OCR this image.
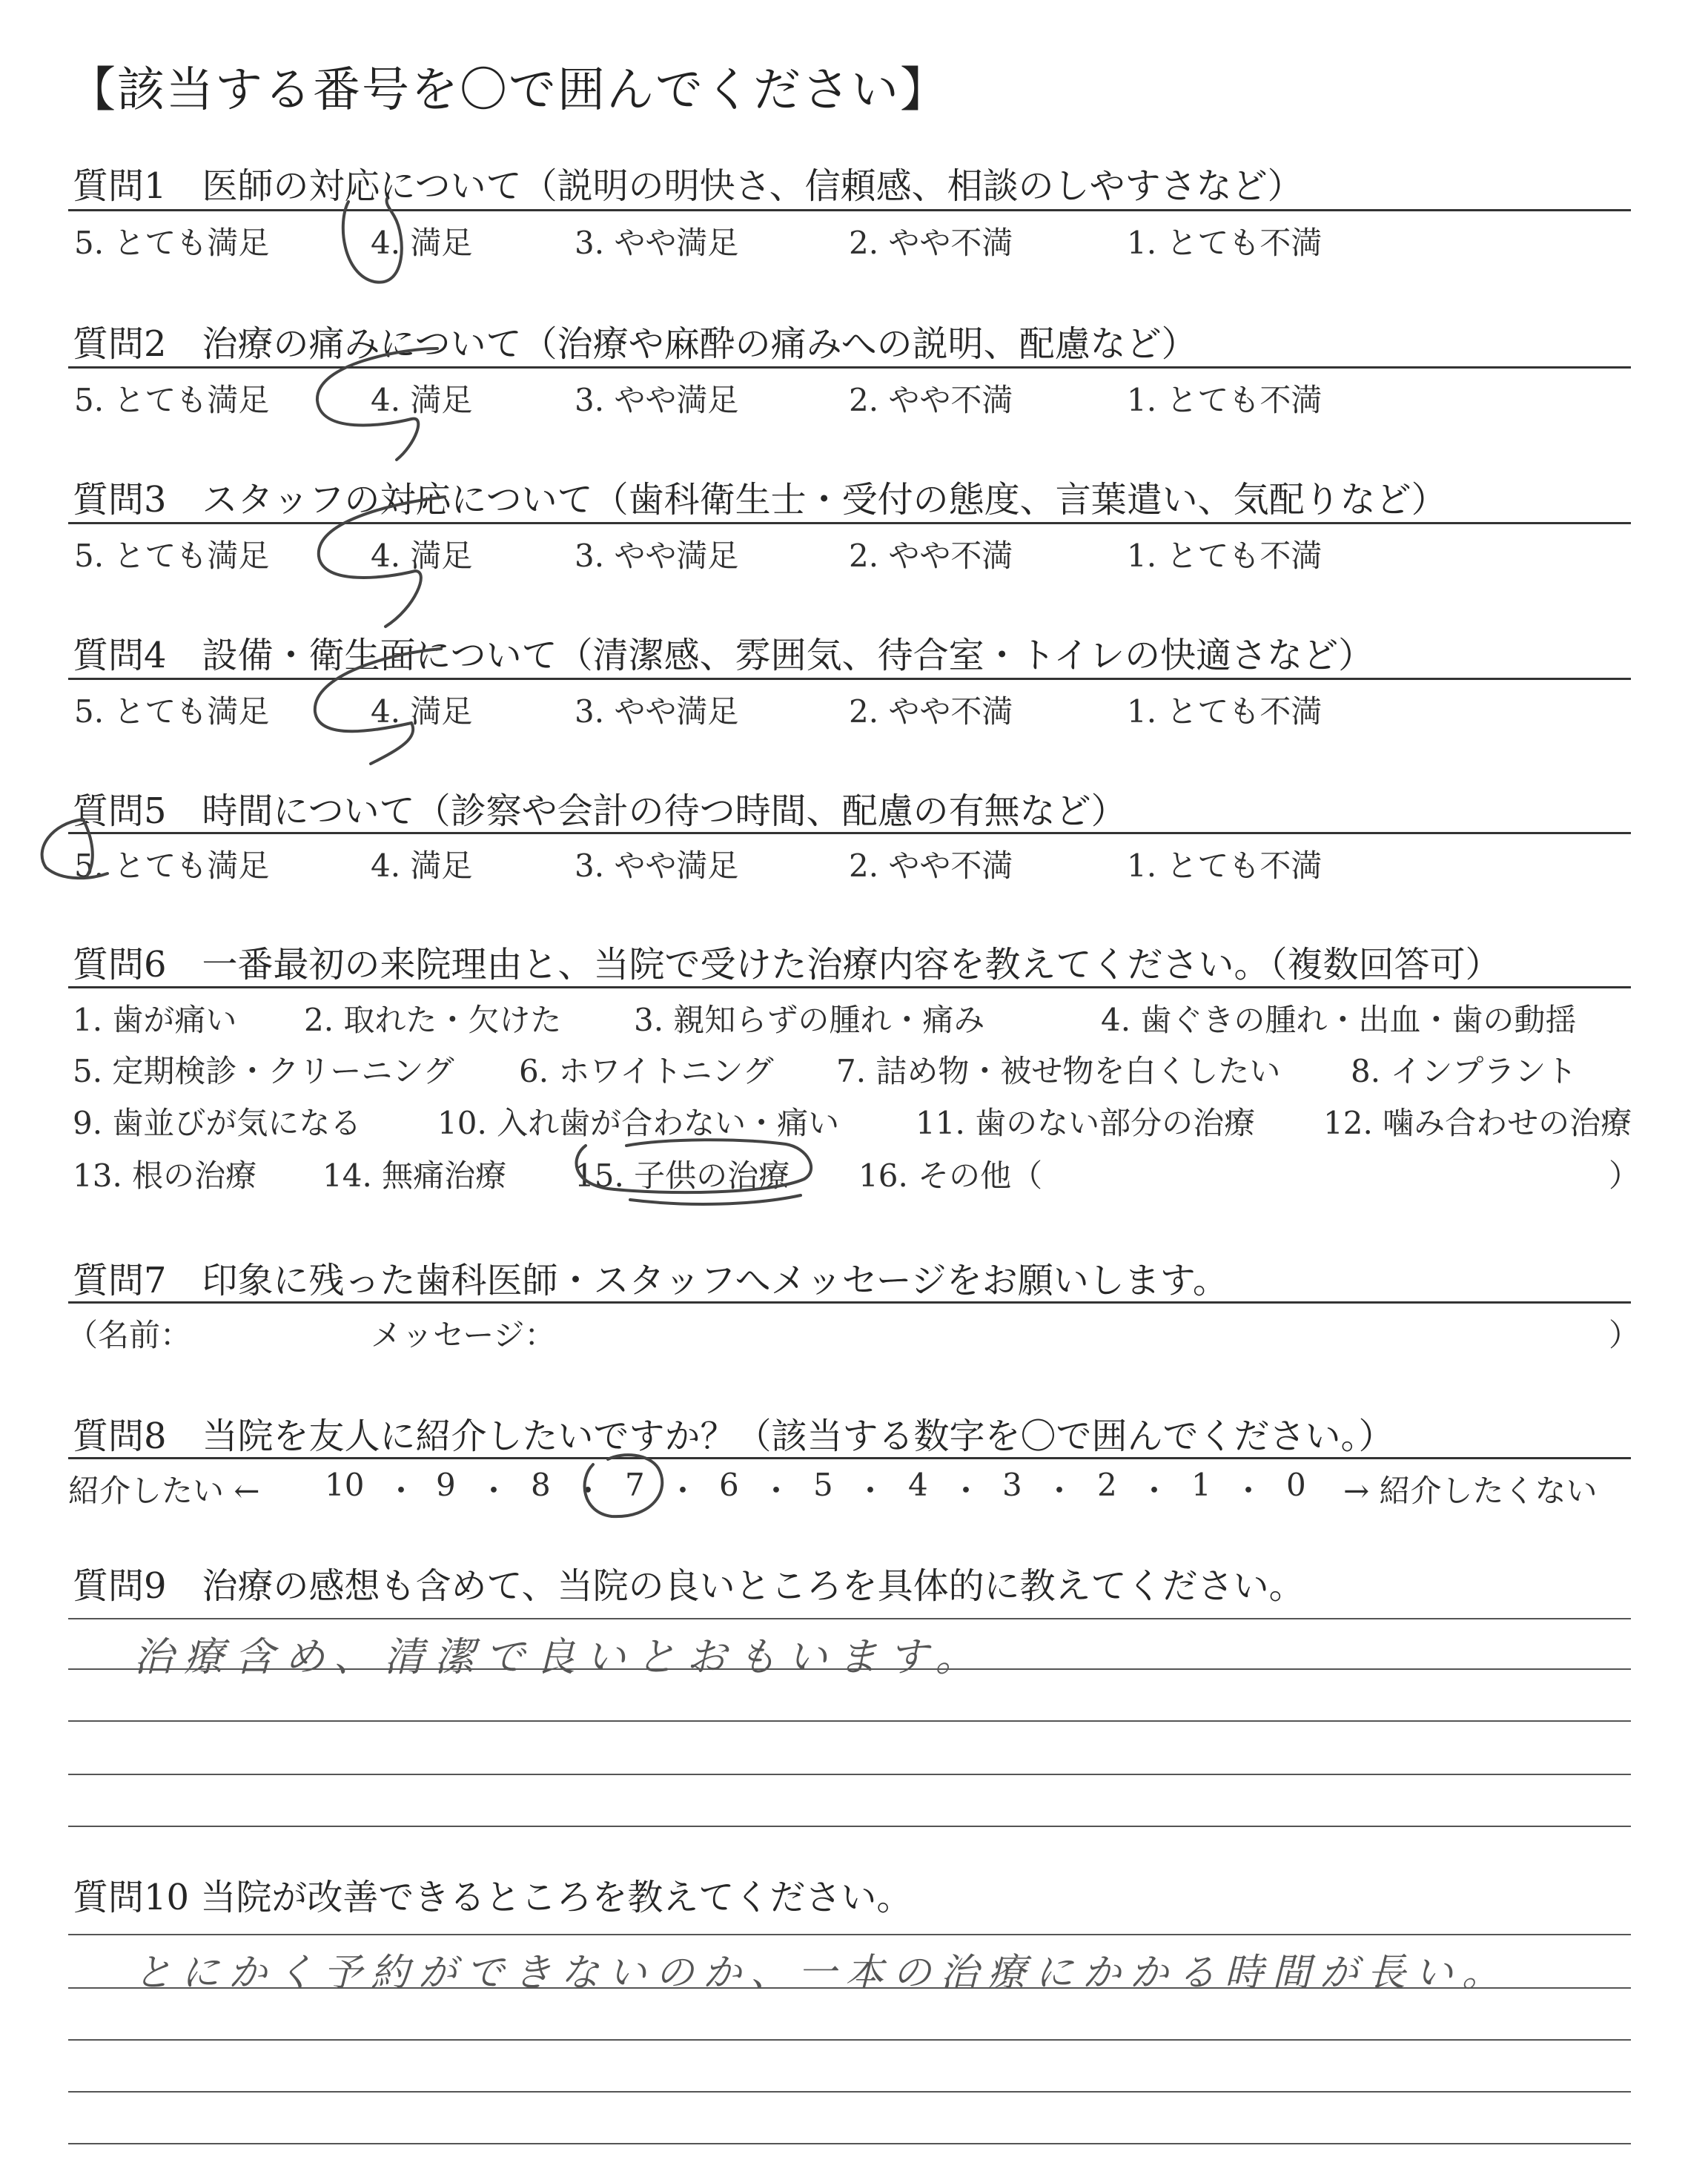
【該当する番号を〇で囲んでください】
質問1　医師の対応について（説明の明快さ、信頼感、相談のしやすさなど）
5. とても満足	4. 満足	3. やや満足	2. やや不満	1. とても不満
質問2　治療の痛みについて（治療や麻酔の痛みへの説明、配慮など）
5. とても満足	4. 満足	3. やや満足	2. やや不満	1. とても不満
質問3　スタッフの対応について（歯科衛生士・受付の態度、言葉遣い、気配りなど）
5. とても満足	4. 満足	3. やや満足	2. やや不満	1. とても不満
質問4　設備・衛生面について（清潔感、雰囲気、待合室・トイレの快適さなど）
5. とても満足	4. 満足	3. やや満足	2. やや不満	1. とても不満
質問5　時間について（診察や会計の待つ時間、配慮の有無など）
5. とても満足	4. 満足	3. やや満足	2. やや不満	1. とても不満
質問6　一番最初の来院理由と、当院で受けた治療内容を教えてください。（複数回答可）
1. 歯が痛い 2. 取れた・欠けた 3. 親知らずの腫れ・痛み	4. 歯ぐきの腫れ・出血・歯の動揺
5. 定期検診・クリーニング 6. ホワイトニング 7. 詰め物・被せ物を白くしたい 8. インプラント
9. 歯並びが気になる 10. 入れ歯が合わない・痛い 11. 歯のない部分の治療 12. 噛み合わせの治療
13. 根の治療 14. 無痛治療 15. 子供の治療 16. その他（	）
質問7　印象に残った歯科医師・スタッフへメッセージをお願いします。
（名前：	メッセージ：	）
質問8　当院を友人に紹介したいですか？（該当する数字を〇で囲んでください。）
紹介したい ← 10 ・ 9 ・ 8 ・ 7 ・ 6 ・ 5 ・ 4 ・ 3 ・ 2 ・ 1 ・ 0 → 紹介したくない
質問9　治療の感想も含めて、当院の良いところを具体的に教えてください。
治療含め、清潔で良いとおもいます。
質問10 当院が改善できるところを教えてください。
とにかく予約ができないのか、一本の治療にかかる時間が長い。
